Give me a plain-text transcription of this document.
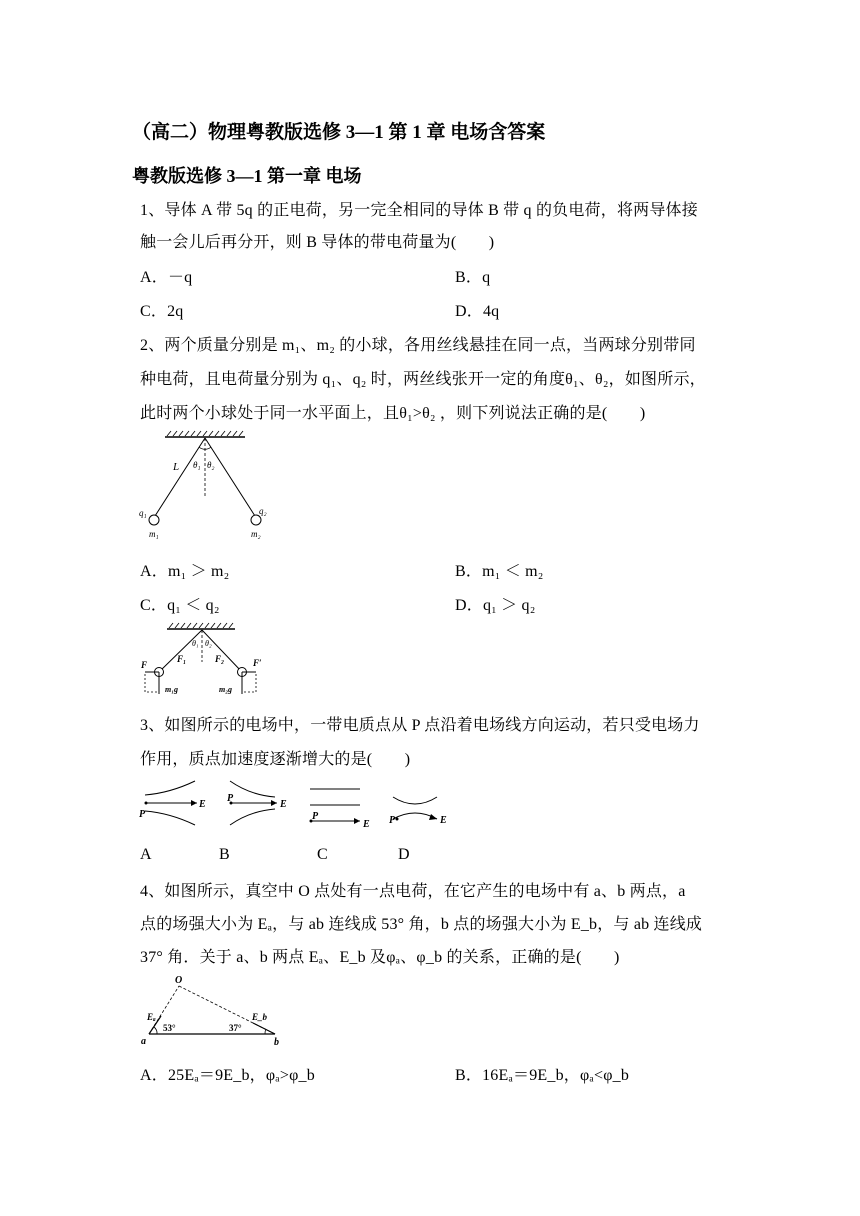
（高二）物理粤教版选修 3—1 第 1 章 电场含答案
粤教版选修 3—1 第一章 电场
1、导体 A 带 5q 的正电荷，另一完全相同的导体 B 带 q 的负电荷，将两导体接
触一会儿后再分开，则 B 导体的带电荷量为(　　)
A．－q	B．q
C．2q	D．4q
2、两个质量分别是 m₁、m₂ 的小球，各用丝线悬挂在同一点，当两球分别带同
种电荷，且电荷量分别为 q₁、q₂ 时，两丝线张开一定的角度θ₁、θ₂，如图所示，
此时两个小球处于同一水平面上，且θ₁>θ₂ ，则下列说法正确的是(　　)
L θ₁ θ₂
q₁	q₂
m₁	m₂
A．m₁ ＞ m₂	B．m₁ ＜ m₂
C．q₁ ＜ q₂	D．q₁ ＞ q₂
F	F′
F₁	F₂
θ₁ θ₂
m₁g	m₂g
3、如图所示的电场中，一带电质点从 P 点沿着电场线方向运动，若只受电场力
作用，质点加速度逐渐增大的是(　　)
P
E
P
E
P
E P	E
A	B	C	D
4、如图所示，真空中 O 点处有一点电荷，在它产生的电场中有 a、b 两点，a
点的场强大小为 Eₐ，与 ab 连线成 53° 角，b 点的场强大小为 E_b，与 ab 连线成
37° 角．关于 a、b 两点 Eₐ、E_b 及φₐ、φ_b 的关系，正确的是(　　)
O
Eₐ	E_b
53°	37°
a	b
A．25Eₐ＝9E_b，φₐ>φ_b	B．16Eₐ＝9E_b，φₐ<φ_b
